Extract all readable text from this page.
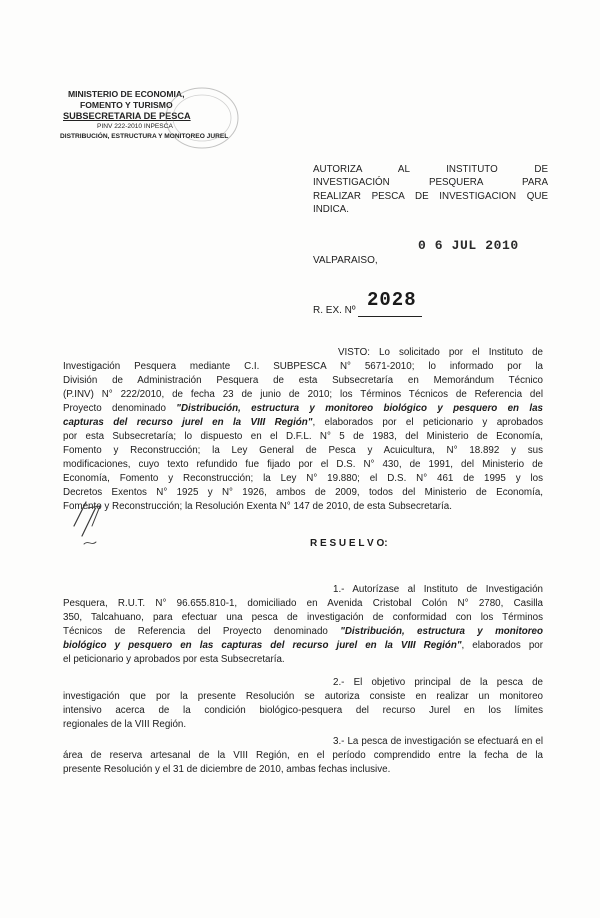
MINISTERIO DE ECONOMIA,
FOMENTO Y TURISMO
SUBSECRETARIA DE PESCA
PINV 222-2010 INPESCA
DISTRIBUCIÓN, ESTRUCTURA Y MONITOREO JUREL
AUTORIZA AL INSTITUTO DE
INVESTIGACIÓN PESQUERA PARA
REALIZAR PESCA DE INVESTIGACION QUE
INDICA.
VALPARAISO,
0 6 JUL 2010
R. EX. Nº 2028
VISTO: Lo solicitado por el Instituto de
Investigación Pesquera mediante C.I. SUBPESCA N° 5671-2010; lo informado por la
División de Administración Pesquera de esta Subsecretaría en Memorándum Técnico
(P.INV) N° 222/2010, de fecha 23 de junio de 2010; los Términos Técnicos de Referencia del
Proyecto denominado "Distribución, estructura y monitoreo biológico y pesquero en las
capturas del recurso jurel en la VIII Región", elaborados por el peticionario y aprobados
por esta Subsecretaría; lo dispuesto en el D.F.L. N° 5 de 1983, del Ministerio de Economía,
Fomento y Reconstrucción; la Ley General de Pesca y Acuicultura, N° 18.892 y sus
modificaciones, cuyo texto refundido fue fijado por el D.S. N° 430, de 1991, del Ministerio de
Economía, Fomento y Reconstrucción; la Ley N° 19.880; el D.S. N° 461 de 1995 y los
Decretos Exentos N° 1925 y N° 1926, ambos de 2009, todos del Ministerio de Economía,
Fomento y Reconstrucción; la Resolución Exenta N° 147 de 2010, de esta Subsecretaría.
R E S U E L V O:
1.- Autorízase al Instituto de Investigación
Pesquera, R.U.T. N° 96.655.810-1, domiciliado en Avenida Cristobal Colón N° 2780, Casilla
350, Talcahuano, para efectuar una pesca de investigación de conformidad con los Términos
Técnicos de Referencia del Proyecto denominado "Distribución, estructura y monitoreo
biológico y pesquero en las capturas del recurso jurel en la VIII Región", elaborados por
el peticionario y aprobados por esta Subsecretaría.
2.- El objetivo principal de la pesca de
investigación que por la presente Resolución se autoriza consiste en realizar un monitoreo
intensivo acerca de la condición biológico-pesquera del recurso Jurel en los límites
regionales de la VIII Región.
3.- La pesca de investigación se efectuará en el
área de reserva artesanal de la VIII Región, en el período comprendido entre la fecha de la
presente Resolución y el 31 de diciembre de 2010, ambas fechas inclusive.
